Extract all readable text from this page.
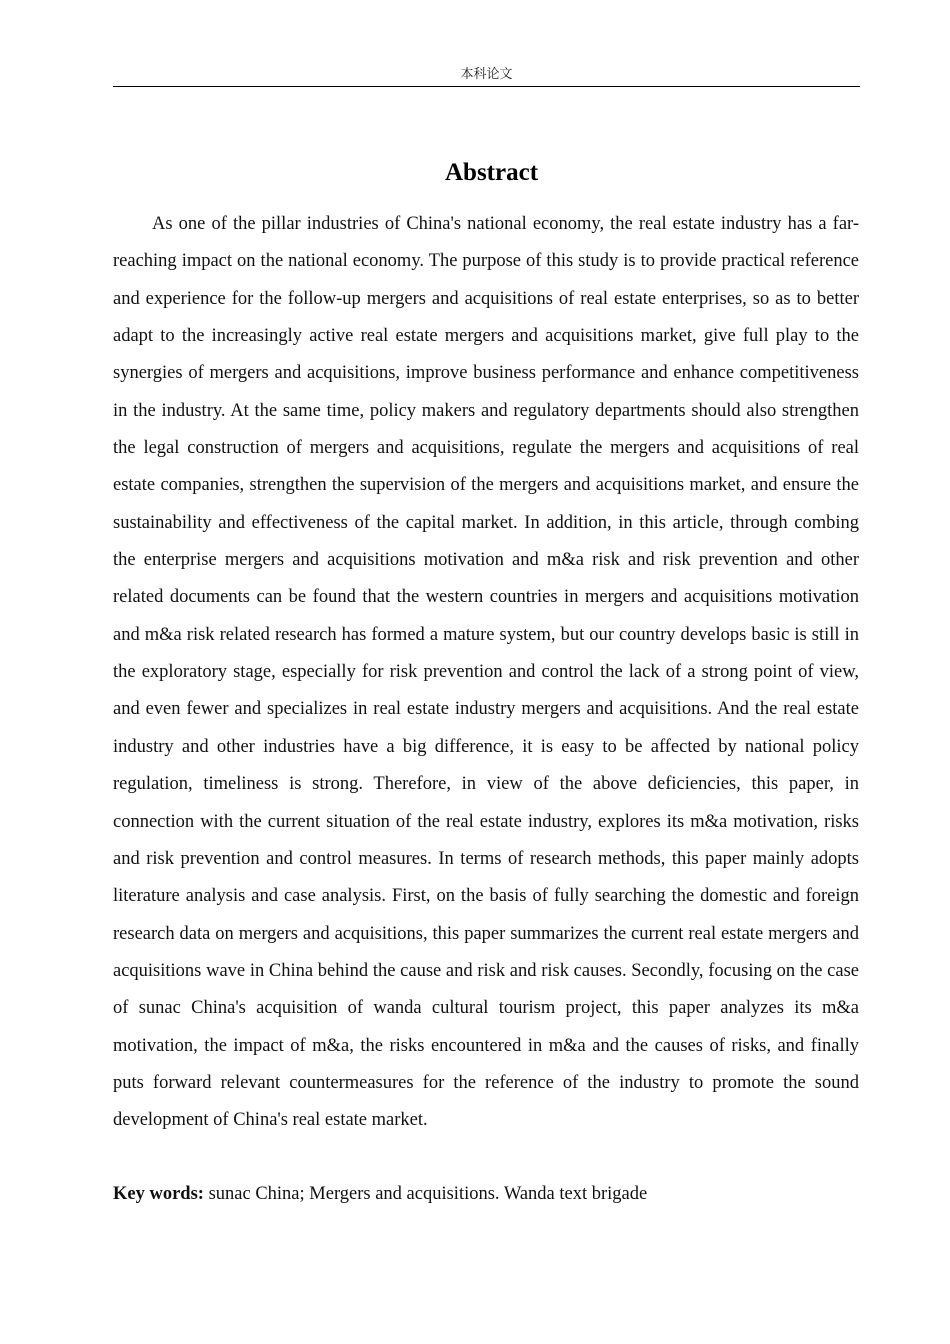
本科论文
Abstract

As one of the pillar industries of China's national economy, the real estate industry has a far-reaching impact on the national economy. The purpose of this study is to provide practical reference and experience for the follow-up mergers and acquisitions of real estate enterprises, so as to better adapt to the increasingly active real estate mergers and acquisitions market, give full play to the synergies of mergers and acquisitions, improve business performance and enhance competitiveness in the industry. At the same time, policy makers and regulatory departments should also strengthen the legal construction of mergers and acquisitions, regulate the mergers and acquisitions of real estate companies, strengthen the supervision of the mergers and acquisitions market, and ensure the sustainability and effectiveness of the capital market. In addition, in this article, through combing the enterprise mergers and acquisitions motivation and m&a risk and risk prevention and other related documents can be found that the western countries in mergers and acquisitions motivation and m&a risk related research has formed a mature system, but our country develops basic is still in the exploratory stage, especially for risk prevention and control the lack of a strong point of view, and even fewer and specializes in real estate industry mergers and acquisitions. And the real estate industry and other industries have a big difference, it is easy to be affected by national policy regulation, timeliness is strong. Therefore, in view of the above deficiencies, this paper, in connection with the current situation of the real estate industry, explores its m&a motivation, risks and risk prevention and control measures. In terms of research methods, this paper mainly adopts literature analysis and case analysis. First, on the basis of fully searching the domestic and foreign research data on mergers and acquisitions, this paper summarizes the current real estate mergers and acquisitions wave in China behind the cause and risk and risk causes. Secondly, focusing on the case of sunac China's acquisition of wanda cultural tourism project, this paper analyzes its m&a motivation, the impact of m&a, the risks encountered in m&a and the causes of risks, and finally puts forward relevant countermeasures for the reference of the industry to promote the sound development of China's real estate market.

Key words: sunac China; Mergers and acquisitions. Wanda text brigade
